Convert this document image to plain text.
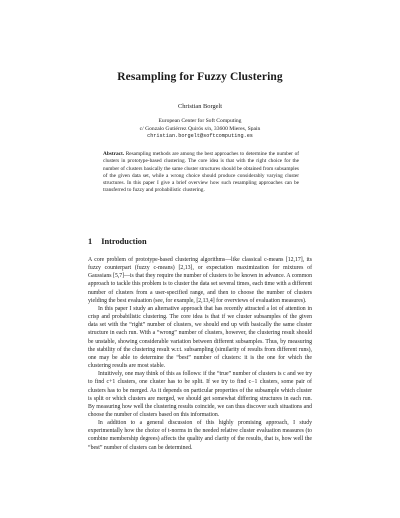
Resampling for Fuzzy Clustering
Christian Borgelt
European Center for Soft Computing
c/ Gonzalo Gutiérrez Quirós s/n, 33600 Mieres, Spain
christian.borgelt@softcomputing.es
Abstract. Resampling methods are among the best approaches to determine the number of clusters in prototype-based clustering. The core idea is that with the right choice for the number of clusters basically the same cluster structures should be obtained from subsamples of the given data set, while a wrong choice should produce considerably varying cluster structures. In this paper I give a brief overview how such resampling approaches can be transferred to fuzzy and probabilistic clustering.
1 Introduction

A core problem of prototype-based clustering algorithms—like classical c-means [12,17], its fuzzy counterpart (fuzzy c-means) [2,13], or expectation maximization for mixtures of Gaussians [5,7]—is that they require the number of clusters to be known in advance. A common approach to tackle this problem is to cluster the data set several times, each time with a different number of clusters from a user-specified range, and then to choose the number of clusters yielding the best evaluation (see, for example, [2,13,4] for overviews of evaluation measures).

In this paper I study an alternative approach that has recently attracted a lot of attention in crisp and probabilistic clustering. The core idea is that if we cluster subsamples of the given data set with the “right” number of clusters, we should end up with basically the same cluster structure in each run. With a “wrong” number of clusters, however, the clustering result should be unstable, showing considerable variation between different subsamples. Thus, by measuring the stability of the clustering result w.r.t. subsampling (similarity of results from different runs), one may be able to determine the “best” number of clusters: it is the one for which the clustering results are most stable.

Intuitively, one may think of this as follows: if the “true” number of clusters is c and we try to find c+1 clusters, one cluster has to be split. If we try to find c−1 clusters, some pair of clusters has to be merged. As it depends on particular properties of the subsample which cluster is split or which clusters are merged, we should get somewhat differing structures in each run. By measuring how well the clustering results coincide, we can thus discover such situations and choose the number of clusters based on this information.

In addition to a general discussion of this highly promising approach, I study experimentally how the choice of t-norms in the needed relative cluster evaluation measures (to combine membership degrees) affects the quality and clarity of the results, that is, how well the “best” number of clusters can be determined.
